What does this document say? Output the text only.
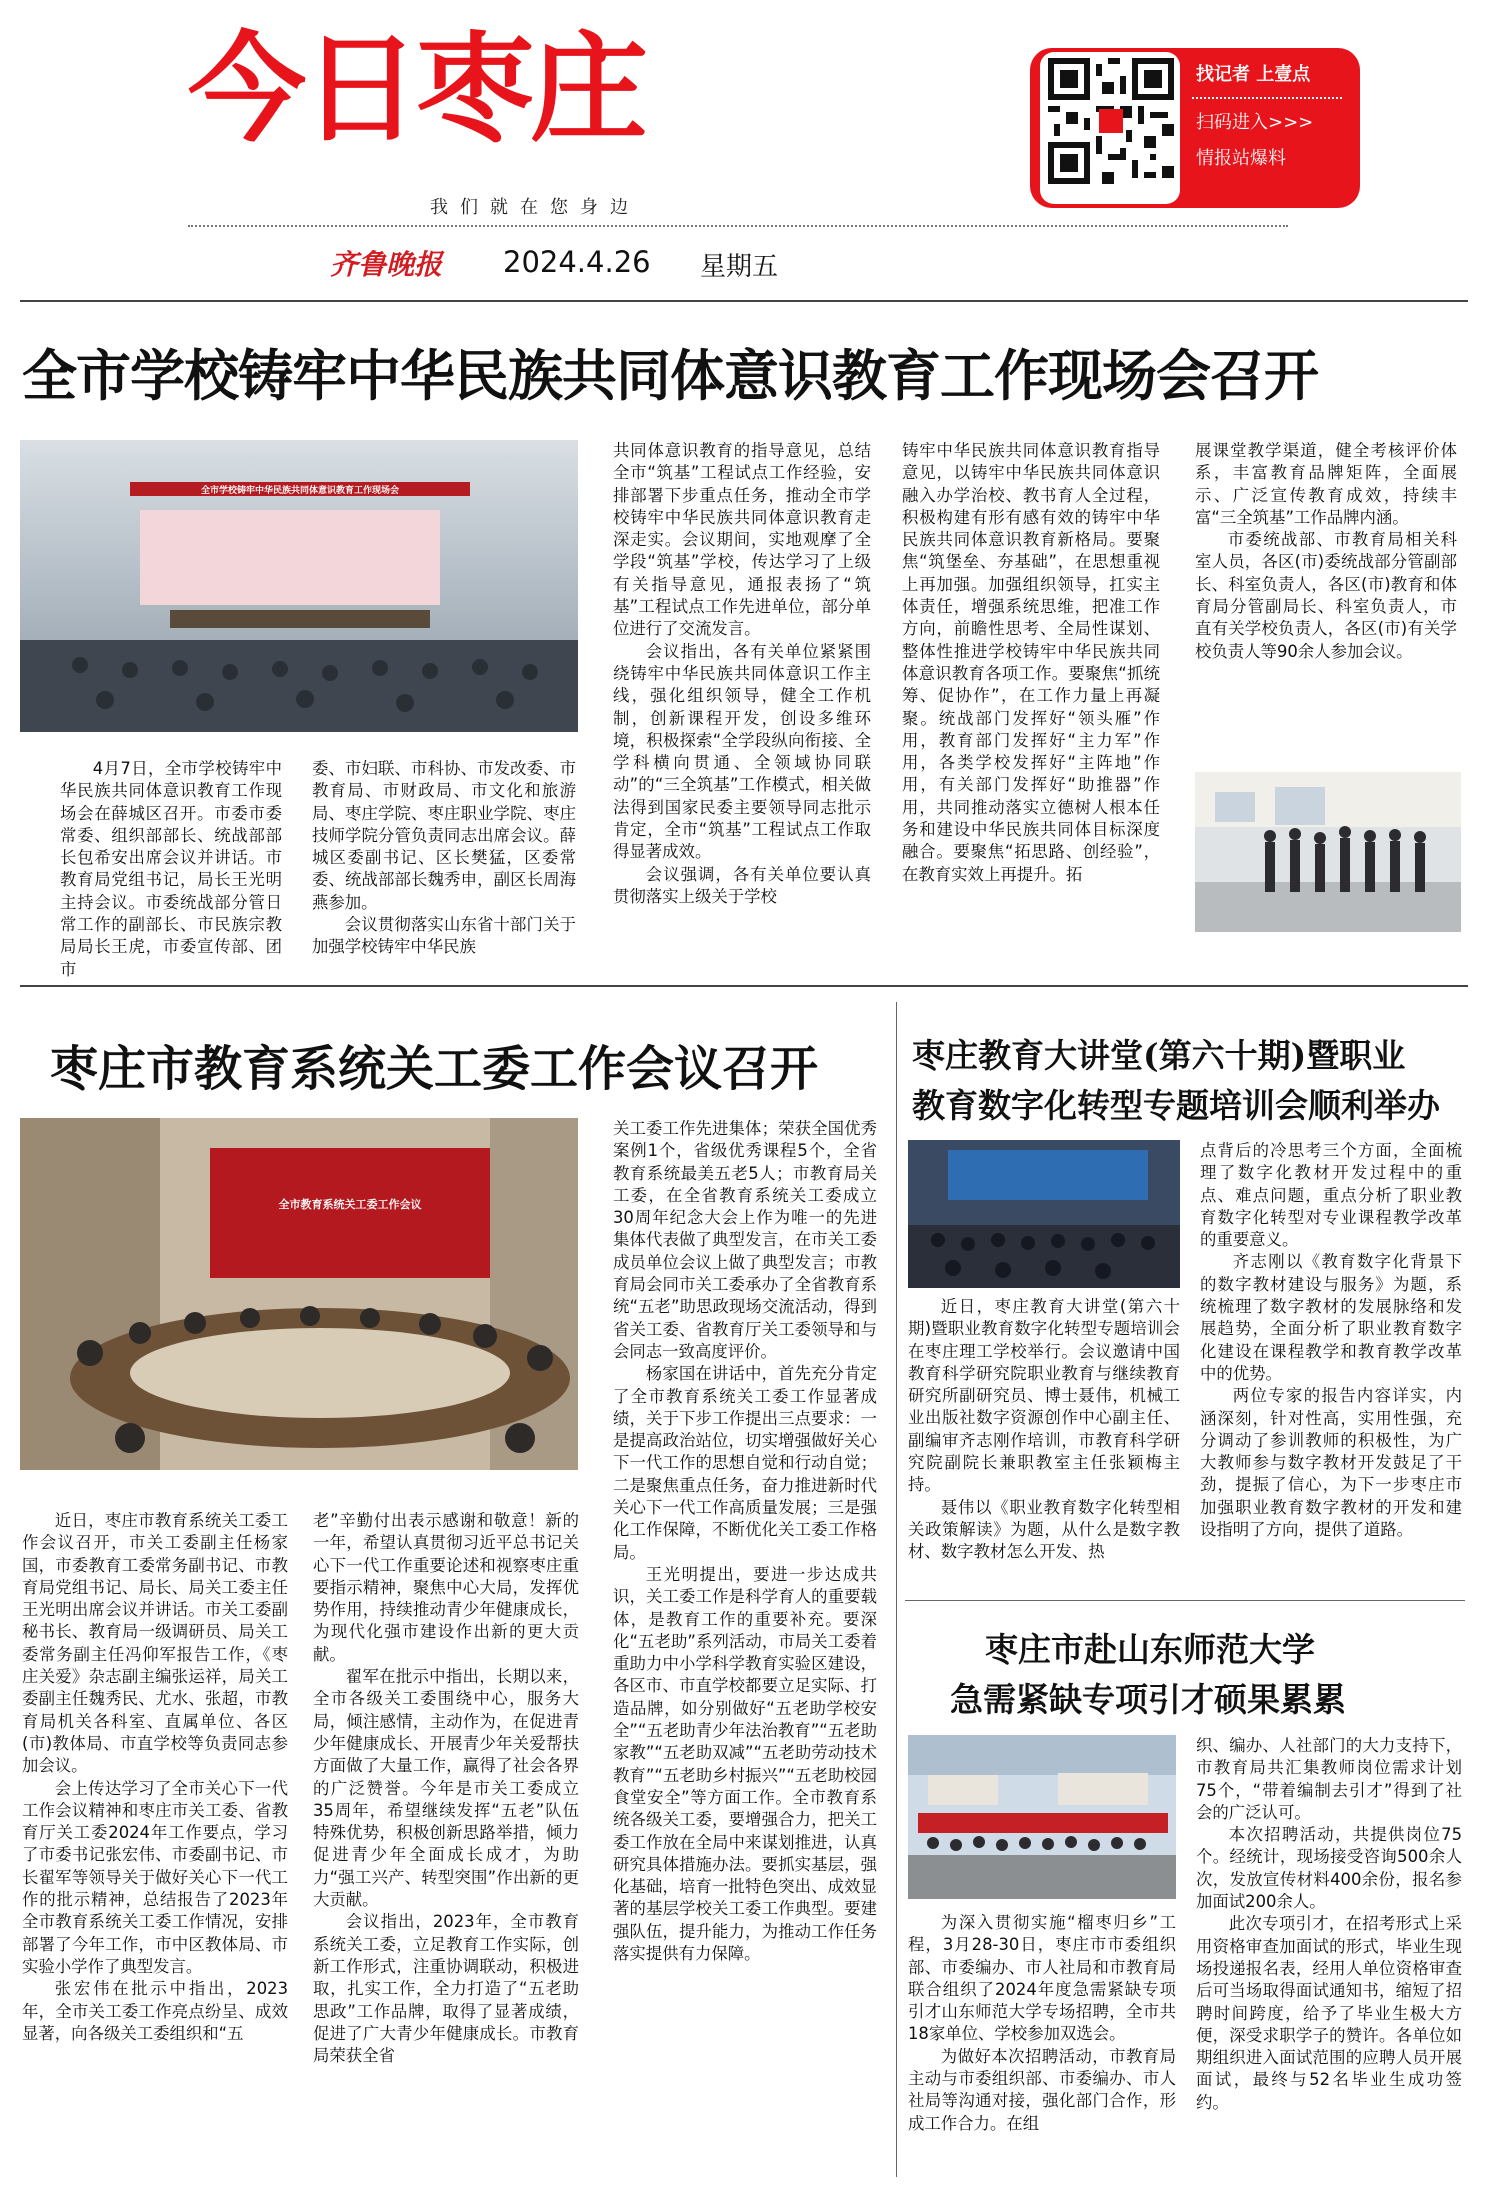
今日枣庄
我们就在您身边
齐鲁晚报 2024.4.26 星期五
找记者 上壹点
扫码进入>>>
情报站爆料
全市学校铸牢中华民族共同体意识教育工作现场会召开
全市学校铸牢中华民族共同体意识教育工作现场会

4月7日，全市学校铸牢中华民族共同体意识教育工作现场会在薛城区召开。市委市委常委、组织部部长、统战部部长包希安出席会议并讲话。市教育局党组书记，局长王光明主持会议。市委统战部分管日常工作的副部长、市民族宗教局局长王虎，市委宣传部、团市

委、市妇联、市科协、市发改委、市教育局、市财政局、市文化和旅游局、枣庄学院、枣庄职业学院、枣庄技师学院分管负责同志出席会议。薛城区委副书记、区长樊猛，区委常委、统战部部长魏秀申，副区长周海燕参加。

会议贯彻落实山东省十部门关于加强学校铸牢中华民族

共同体意识教育的指导意见，总结全市“筑基”工程试点工作经验，安排部署下步重点任务，推动全市学校铸牢中华民族共同体意识教育走深走实。会议期间，实地观摩了全学段“筑基”学校，传达学习了上级有关指导意见，通报表扬了“筑基”工程试点工作先进单位，部分单位进行了交流发言。

会议指出，各有关单位紧紧围绕铸牢中华民族共同体意识工作主线，强化组织领导，健全工作机制，创新课程开发，创设多维环境，积极探索“全学段纵向衔接、全学科横向贯通、全领域协同联动”的“三全筑基”工作模式，相关做法得到国家民委主要领导同志批示肯定，全市“筑基”工程试点工作取得显著成效。

会议强调，各有关单位要认真贯彻落实上级关于学校

铸牢中华民族共同体意识教育指导意见，以铸牢中华民族共同体意识融入办学治校、教书育人全过程，积极构建有形有感有效的铸牢中华民族共同体意识教育新格局。要聚焦“筑堡垒、夯基础”，在思想重视上再加强。加强组织领导，扛实主体责任，增强系统思维，把准工作方向，前瞻性思考、全局性谋划、整体性推进学校铸牢中华民族共同体意识教育各项工作。要聚焦“抓统筹、促协作”，在工作力量上再凝聚。统战部门发挥好“领头雁”作用，教育部门发挥好“主力军”作用，各类学校发挥好“主阵地”作用，有关部门发挥好“助推器”作用，共同推动落实立德树人根本任务和建设中华民族共同体目标深度融合。要聚焦“拓思路、创经验”，在教育实效上再提升。拓

展课堂教学渠道，健全考核评价体系，丰富教育品牌矩阵，全面展示、广泛宣传教育成效，持续丰富“三全筑基”工作品牌内涵。

市委统战部、市教育局相关科室人员，各区(市)委统战部分管副部长、科室负责人，各区(市)教育和体育局分管副局长、科室负责人，市直有关学校负责人，各区(市)有关学校负责人等90余人参加会议。

枣庄市教育系统关工委工作会议召开
全市教育系统关工委工作会议

近日，枣庄市教育系统关工委工作会议召开，市关工委副主任杨家国，市委教育工委常务副书记、市教育局党组书记、局长、局关工委主任王光明出席会议并讲话。市关工委副秘书长、教育局一级调研员、局关工委常务副主任冯仰军报告工作，《枣庄关爱》杂志副主编张运祥，局关工委副主任魏秀民、尤水、张超，市教育局机关各科室、直属单位、各区(市)教体局、市直学校等负责同志参加会议。

会上传达学习了全市关心下一代工作会议精神和枣庄市关工委、省教育厅关工委2024年工作要点，学习了市委书记张宏伟、市委副书记、市长翟军等领导关于做好关心下一代工作的批示精神，总结报告了2023年全市教育系统关工委工作情况，安排部署了今年工作，市中区教体局、市实验小学作了典型发言。

张宏伟在批示中指出，2023年，全市关工委工作亮点纷呈、成效显著，向各级关工委组织和“五

老”辛勤付出表示感谢和敬意！新的一年，希望认真贯彻习近平总书记关心下一代工作重要论述和视察枣庄重要指示精神，聚焦中心大局，发挥优势作用，持续推动青少年健康成长，为现代化强市建设作出新的更大贡献。

翟军在批示中指出，长期以来，全市各级关工委围绕中心，服务大局，倾注感情，主动作为，在促进青少年健康成长、开展青少年关爱帮扶方面做了大量工作，赢得了社会各界的广泛赞誉。今年是市关工委成立35周年，希望继续发挥“五老”队伍特殊优势，积极创新思路举措，倾力促进青少年全面成长成才，为助力“强工兴产、转型突围”作出新的更大贡献。

会议指出，2023年，全市教育系统关工委，立足教育工作实际，创新工作形式，注重协调联动，积极进取，扎实工作，全力打造了“五老助思政”工作品牌，取得了显著成绩，促进了广大青少年健康成长。市教育局荣获全省

关工委工作先进集体；荣获全国优秀案例1个，省级优秀课程5个，全省教育系统最美五老5人；市教育局关工委，在全省教育系统关工委成立30周年纪念大会上作为唯一的先进集体代表做了典型发言，在市关工委成员单位会议上做了典型发言；市教育局会同市关工委承办了全省教育系统“五老”助思政现场交流活动，得到省关工委、省教育厅关工委领导和与会同志一致高度评价。

杨家国在讲话中，首先充分肯定了全市教育系统关工委工作显著成绩，关于下步工作提出三点要求：一是提高政治站位，切实增强做好关心下一代工作的思想自觉和行动自觉；二是聚焦重点任务，奋力推进新时代关心下一代工作高质量发展；三是强化工作保障，不断优化关工委工作格局。

王光明提出，要进一步达成共识，关工委工作是科学育人的重要载体，是教育工作的重要补充。要深化“五老助”系列活动，市局关工委着重助力中小学科学教育实验区建设，各区市、市直学校都要立足实际、打造品牌，如分别做好“五老助学校安全”“五老助青少年法治教育”“五老助家教”“五老助双减”“五老助劳动技术教育”“五老助乡村振兴”“五老助校园食堂安全”等方面工作。全市教育系统各级关工委，要增强合力，把关工委工作放在全局中来谋划推进，认真研究具体措施办法。要抓实基层，强化基础，培育一批特色突出、成效显著的基层学校关工委工作典型。要建强队伍，提升能力，为推动工作任务落实提供有力保障。

枣庄教育大讲堂(第六十期)暨职业
教育数字化转型专题培训会顺利举办

近日，枣庄教育大讲堂(第六十期)暨职业教育数字化转型专题培训会在枣庄理工学校举行。会议邀请中国教育科学研究院职业教育与继续教育研究所副研究员、博士聂伟，机械工业出版社数字资源创作中心副主任、副编审齐志刚作培训，市教育科学研究院副院长兼职教室主任张颖梅主持。

聂伟以《职业教育数字化转型相关政策解读》为题，从什么是数字教材、数字教材怎么开发、热

点背后的冷思考三个方面，全面梳理了数字化教材开发过程中的重点、难点问题，重点分析了职业教育数字化转型对专业课程教学改革的重要意义。

齐志刚以《教育数字化背景下的数字教材建设与服务》为题，系统梳理了数字教材的发展脉络和发展趋势，全面分析了职业教育数字化建设在课程教学和教育教学改革中的优势。

两位专家的报告内容详实，内涵深刻，针对性高，实用性强，充分调动了参训教师的积极性，为广大教师参与数字教材开发鼓足了干劲，提振了信心，为下一步枣庄市加强职业教育数字教材的开发和建设指明了方向，提供了道路。

枣庄市赴山东师范大学
急需紧缺专项引才硕果累累

为深入贯彻实施“榴枣归乡”工程，3月28-30日，枣庄市市委组织部、市委编办、市人社局和市教育局联合组织了2024年度急需紧缺专项引才山东师范大学专场招聘，全市共18家单位、学校参加双选会。

为做好本次招聘活动，市教育局主动与市委组织部、市委编办、市人社局等沟通对接，强化部门合作，形成工作合力。在组

织、编办、人社部门的大力支持下，市教育局共汇集教师岗位需求计划75个，“带着编制去引才”得到了社会的广泛认可。

本次招聘活动，共提供岗位75个。经统计，现场接受咨询500余人次，发放宣传材料400余份，报名参加面试200余人。

此次专项引才，在招考形式上采用资格审查加面试的形式，毕业生现场投递报名表，经用人单位资格审查后可当场取得面试通知书，缩短了招聘时间跨度，给予了毕业生极大方便，深受求职学子的赞许。各单位如期组织进入面试范围的应聘人员开展面试，最终与52名毕业生成功签约。
